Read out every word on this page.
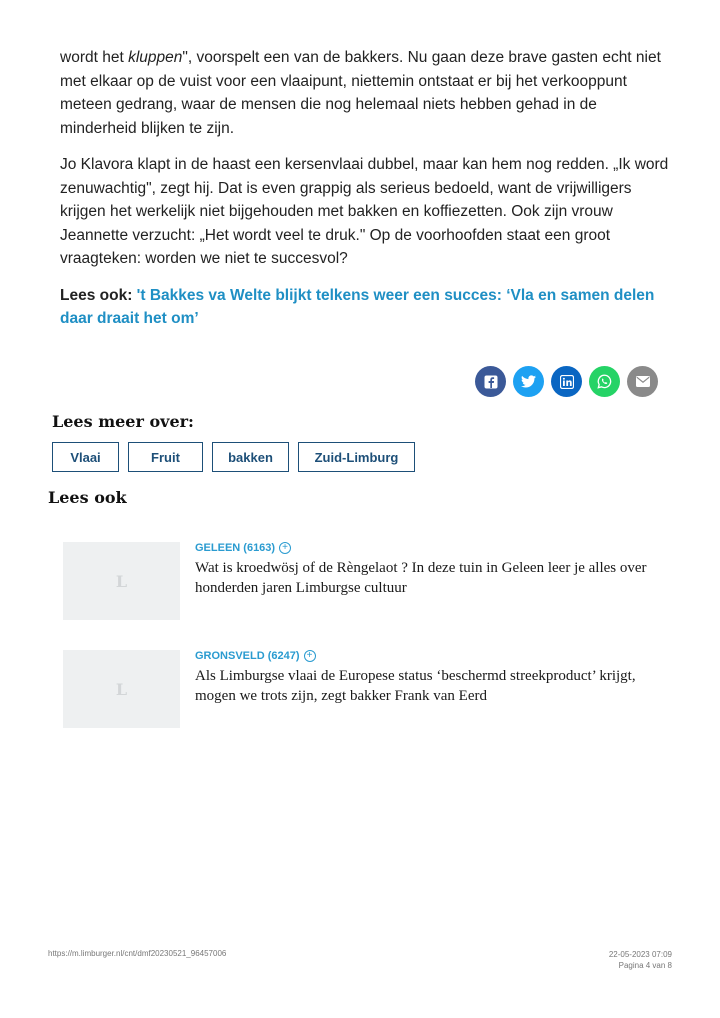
wordt het kluppen", voorspelt een van de bakkers. Nu gaan deze brave gasten echt niet met elkaar op de vuist voor een vlaaipunt, niettemin ontstaat er bij het verkooppunt meteen gedrang, waar de mensen die nog helemaal niets hebben gehad in de minderheid blijken te zijn.

Jo Klavora klapt in de haast een kersenvlaai dubbel, maar kan hem nog redden. „Ik word zenuwachtig", zegt hij. Dat is even grappig als serieus bedoeld, want de vrijwilligers krijgen het werkelijk niet bijgehouden met bakken en koffiezetten. Ook zijn vrouw Jeannette verzucht: „Het wordt veel te druk." Op de voorhoofden staat een groot vraagteken: worden we niet te succesvol?

Lees ook: 't Bakkes va Welte blijkt telkens weer een succes: ‘Vla en samen delen daar draait het om’

Lees meer over:
Vlaai	Fruit	bakken	Zuid-Limburg
Lees ook
L
GELEEN (6163) +
Wat is kroedwösj of de Rèngelaot ? In deze tuin in Geleen leer je alles over honderden jaren Limburgse cultuur
L
GRONSVELD (6247) +
Als Limburgse vlaai de Europese status ‘beschermd streekproduct’ krijgt, mogen we trots zijn, zegt bakker Frank van Eerd
https://m.limburger.nl/cnt/dmf20230521_96457006	22-05-2023 07:09
Pagina 4 van 8
